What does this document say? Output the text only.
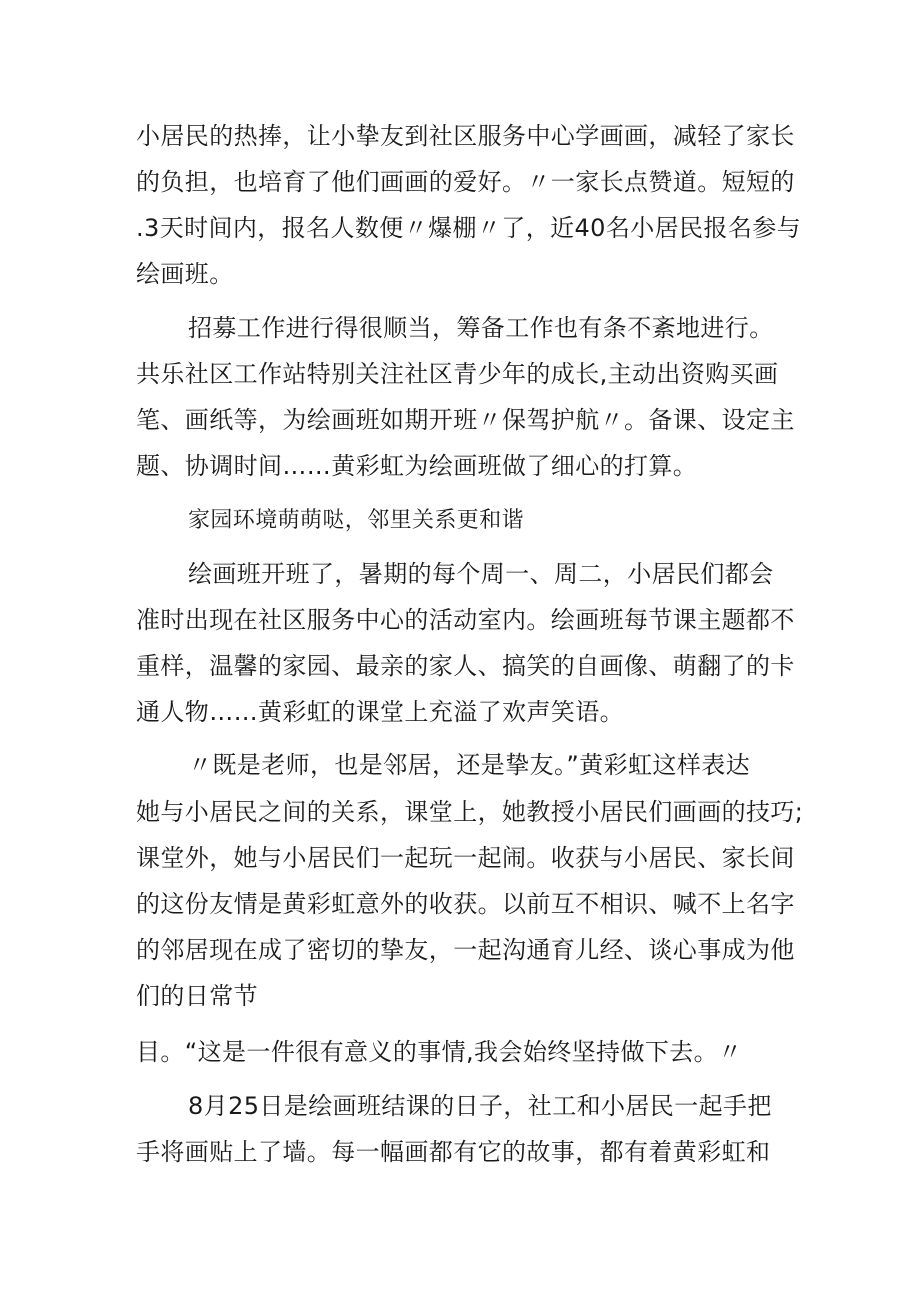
小居民的热捧，让小挚友到社区服务中心学画画，减轻了家长
的负担，也培育了他们画画的爱好。〃一家长点赞道。短短的
.3天时间内，报名人数便〃爆棚〃了，近40名小居民报名参与
绘画班。
招募工作进行得很顺当，筹备工作也有条不紊地进行。
共乐社区工作站特别关注社区青少年的成长,主动出资购买画
笔、画纸等，为绘画班如期开班〃保驾护航〃。备课、设定主
题、协调时间……黄彩虹为绘画班做了细心的打算。
家园环境萌萌哒，邻里关系更和谐
绘画班开班了，暑期的每个周一、周二，小居民们都会
准时出现在社区服务中心的活动室内。绘画班每节课主题都不
重样，温馨的家园、最亲的家人、搞笑的自画像、萌翻了的卡
通人物……黄彩虹的课堂上充溢了欢声笑语。
〃既是老师，也是邻居，还是挚友。”黄彩虹这样表达
她与小居民之间的关系，课堂上，她教授小居民们画画的技巧;
课堂外，她与小居民们一起玩一起闹。收获与小居民、家长间
的这份友情是黄彩虹意外的收获。以前互不相识、喊不上名字
的邻居现在成了密切的挚友，一起沟通育儿经、谈心事成为他
们的日常节
目。“这是一件很有意义的事情,我会始终坚持做下去。〃
8月25日是绘画班结课的日子，社工和小居民一起手把
手将画贴上了墙。每一幅画都有它的故事，都有着黄彩虹和
